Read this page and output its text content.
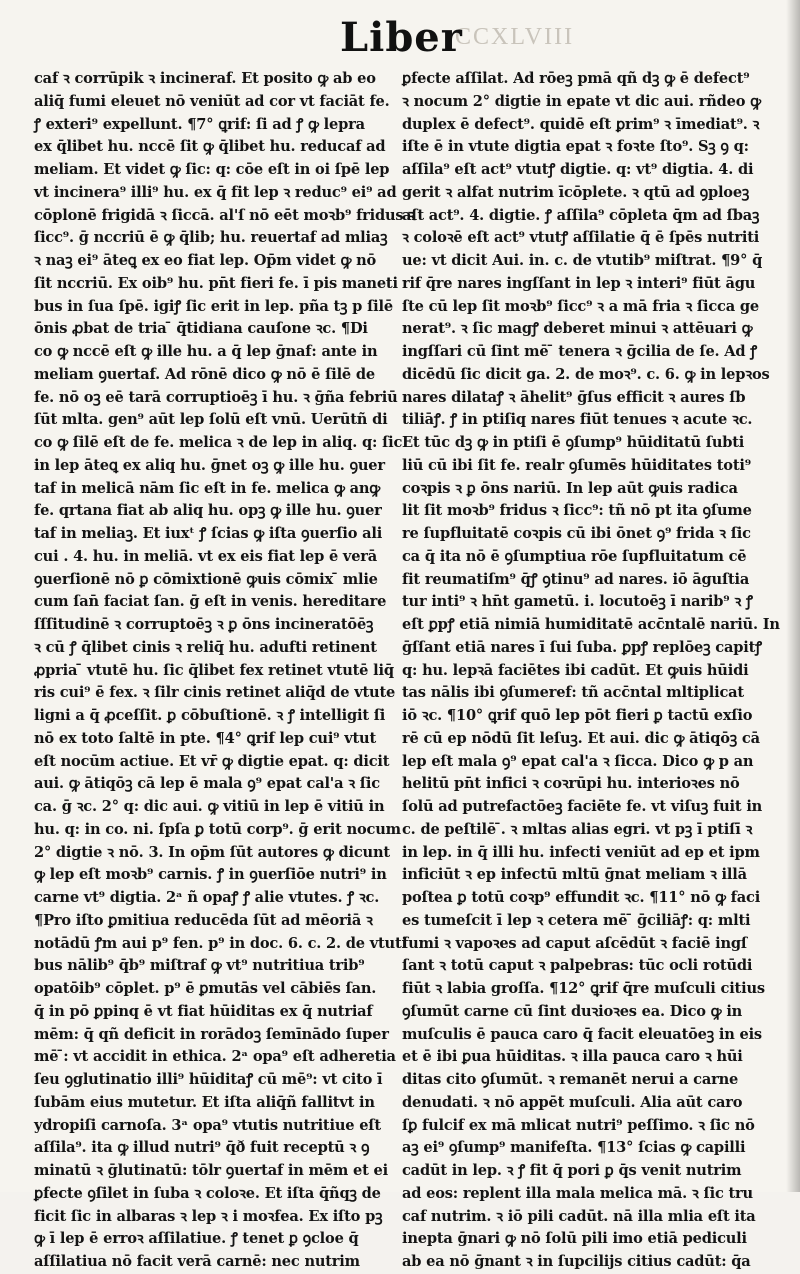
CCXLVIII
Liber
caf ꝛ corrūpik ꝛ incineraf. Et posito ꝙ ab eo
aliq̄ fumi eleuet nō veniūt ad cor vt faciāt fe.
ꝭ exteri⁹ expellunt. ¶7° ꝗrif: ſi ad ꝭ ꝙ lepra
ex q̄libet hu. nccē ſit ꝙ q̄libet hu. reducaf ad
meliam. Et videt ꝙ ſic: q: cōe eſt in oi ſpē lep
vt incinera⁹ illi⁹ hu. ex q̄ fit lep ꝛ reduc⁹ ei⁹ ad
cōplonē frigidā ꝛ ſiccā. al'ſ nō eēt moꝛb⁹ fridus ꝛ
ſicc⁹. ḡ nccriū ē ꝙ q̄lib; hu. reuertaf ad mliaꝫ
ꝛ naꝫ ei⁹ āteꝗ ex eo fiat lep. Op̄m videt ꝙ nō
ſit nccriū. Ex oib⁹ hu. pn̄t fieri fe. ī pis maneti
bus in ſua ſpē. igiꝭ ſic erit in lep. pña tꝫ p ſilē
ōnis ꝓbat de tria ̄ q̄tidiana cauſone ꝛc. ¶Di
co ꝙ nccē eſt ꝙ ille hu. a q̄ lep ḡnaf: ante in
meliam ꝯuertaf. Ad rōnē dico ꝙ nō ē ſilē de
fe. nō oꝫ eē tarā corruptioēꝫ ī hu. ꝛ ḡña febriū
ſūt mlta. gen⁹ aūt lep ſolū eſt vnū. Uerūtñ di
co ꝙ ſilē eſt de fe. melica ꝛ de lep in aliq. q: ſic
in lep āteꝗ ex aliq hu. ḡnet oꝫ ꝙ ille hu. ꝯuer
taf in melicā nām ſic eſt in fe. melica ꝙ anꝙ
fe. qrtana fiat ab aliq hu. opꝫ ꝙ ille hu. ꝯuer
taf in meliaꝫ. Et iuxᵗ ꝭ ſcias ꝙ iſta ꝯuerſio ali
cui . 4. hu. in meliā. vt ex eis fiat lep ē verā
ꝯuerſionē nō ꝑ cōmixtionē ꝙuis cōmix ̄ mlie
cum ſan̄ faciat ſan. ḡ eſt in venis. hereditare
ſſſitudinē ꝛ corruptoēꝫ ꝛ ꝑ ōns incineratōēꝫ
ꝛ cū ꝭ q̄libet cinis ꝛ reliq̄ hu. adufti retinent
ꝓpria ̄ vtutē hu. ſic q̄libet fex retinet vtutē liq̄
ris cui⁹ ē fex. ꝛ ſilr cinis retinet aliq̄d de vtute
ligni a q̄ ꝓceſſit. ꝑ cōbuſtionē. ꝛ ꝭ intelligit ſi
nō ex toto ſaltē in pte. ¶4° ꝗrif lep cui⁹ vtut
eſt nocūm actiue. Et vr̄ ꝙ digtie epat. q: dicit
aui. ꝙ ātiqōꝫ cā lep ē mala ꝯ⁹ epat cal'a ꝛ ſic
ca. ḡ ꝛc. 2° q: dic aui. ꝙ vitiū in lep ē vitiū in
hu. q: in co. ni. ſpſa ꝑ totū corp⁹. ḡ erit nocum
2° digtie ꝛ nō. 3. In op̄m ſūt autores ꝙ dicunt
ꝙ lep eſt moꝛb⁹ carnis. ꝭ in ꝯuerſiōe nutri⁹ in
carne vt⁹ digtia. 2ᵃ ñ opaꝭ ꝭ alie vtutes. ꝭ ꝛc.
¶Pro iſto ꝑmitiua reducēda ſūt ad mēoriā ꝛ
notādū ꝭm aui p⁹ fen. p⁹ in doc. 6. c. 2. de vtuti
bus nālib⁹ q̄b⁹ miſtraf ꝙ vt⁹ nutritiua trib⁹
opatōib⁹ cōplet. p⁹ ē ꝑmutās vel cābiēs ſan.
q̄ in pō ꝑpinq ē vt fiat hūiditas ex q̄ nutriaf
mēm: q̄ qñ deficit in rorādoꝫ ſemīnādo ſuper
mē ̄: vt accidit in ethica. 2ᵃ opa⁹ eſt adheretia
ſeu ꝯglutinatio illi⁹ hūiditaꝭ cū mē⁹: vt cito ī
ſubām eius mutetur. Et iſta aliq̄ñ fallitvt in
ydropiſi carnoſa. 3ᵃ opa⁹ vtutis nutritiue eſt
aſſila⁹. ita ꝙ illud nutri⁹ q̄ð fuit receptū ꝛ ꝯ
minatū ꝛ ḡlutinatū: tōlr ꝯuertaf in mēm et ei
ꝑfecte ꝯſilet in ſuba ꝛ coloꝛe. Et iſta q̄ñqꝫ de
ficit ſic in albaras ꝛ lep ꝛ i moꝛfea. Ex iſto pꝫ
ꝙ ī lep ē erroꝛ aſſilatiue. ꝭ tenet ꝑ ꝯcloe q̄
aſſilatiua nō facit verā carnē: nec nutrim
ꝑfecte aſſilat. Ad rōeꝫ pmā qñ dꝫ ꝙ ē defect⁹
ꝛ nocum 2° digtie in epate vt dic aui. rñdeo ꝙ
duplex ē defect⁹. quidē eſt ꝑrim⁹ ꝛ īmediat⁹. ꝛ
iſte ē in vtute digtia epat ꝛ foꝛte ſto⁹. Sꝫ ꝯ q:
aſſila⁹ eſt act⁹ vtutꝭ digtie. q: vt⁹ digtia. 4. di
gerit ꝛ alfat nutrim īcōplete. ꝛ qtū ad ꝯploeꝫ
aſt act⁹. 4. digtie. ꝭ aſſila⁹ cōpleta q̄m ad ſbaꝫ
ꝛ coloꝛē eſt act⁹ vtutꝭ aſſilatie q̄ ē ſpēs nutriti
ue: vt dicit Aui. in. c. de vtutib⁹ miſtrat. ¶9° q̄
rif q̄re nares ingſſant in lep ꝛ interi⁹ fiūt āgu
ſte cū lep ſit moꝛb⁹ ſicc⁹ ꝛ a mā fria ꝛ ſicca ge
nerat⁹. ꝛ ſic magꝭ deberet minui ꝛ attēuari ꝙ
ingſſari cū ſint mē ̄ tenera ꝛ ḡcilia de ſe. Ad ꝭ
dicēdū ſic dicit ga. 2. de moꝛ⁹. c. 6. ꝙ in lepꝛos
nares dilataꝭ ꝛ āhelit⁹ ḡſus efficit ꝛ aures ſb
tiliāꝭ. ꝭ in ptiſiq nares fiūt tenues ꝛ acute ꝛc.
Et tūc dꝫ ꝙ in ptiſi ē ꝯſump⁹ hūiditatū ſubti
liū cū ibi ſit fe. realr ꝯſumēs hūiditates toti⁹
coꝛpis ꝛ ꝑ ōns nariū. In lep aūt ꝙuis radica
lit ſit moꝛb⁹ fridus ꝛ ſicc⁹: tñ nō pt ita ꝯſume
re ſupfluitatē coꝛpis cū ibi ōnet ꝯ⁹ frida ꝛ ſic
ca q̄ ita nō ē ꝯſumptiua rōe ſupfluitatum cē
fit reumatiſm⁹ q̄ꝭ ꝯtinu⁹ ad nares. iō āguſtia
tur inti⁹ ꝛ hn̄t gametū. i. locutoēꝫ ī narib⁹ ꝛ ꝭ
eſt ꝑpꝭ etiā nimiā humiditatē acc̄ntalē nariū. In
ḡſſant etiā nares ī ſui ſuba. ꝑpꝭ replōeꝫ capitꝭ
q: hu. lepꝛā faciētes ibi cadūt. Et ꝙuis hūidi
tas nālis ibi ꝯſumeref: tñ acc̄ntal mltiplicat
iō ꝛc. ¶10° ꝗrif quō lep pōt fieri ꝑ tactū exſio
rē cū ep nōdū ſit leſuꝫ. Et aui. dic ꝙ ātiqōꝫ cā
lep eſt mala ꝯ⁹ epat cal'a ꝛ ſicca. Dico ꝙ p an
helitū pn̄t infici ꝛ coꝛrūpi hu. interioꝛes nō
ſolū ad putrefactōeꝫ faciēte fe. vt viſuꝫ fuit in
c. de peſtilē ̄. ꝛ mltas alias egri. vt pꝫ ī ptiſī ꝛ
in lep. in q̄ illi hu. infecti veniūt ad ep et ipm
inficiūt ꝛ ep infectū mltū ḡnat meliam ꝛ illā
poſtea ꝑ totū coꝛp⁹ effundit ꝛc. ¶11° nō ꝙ faci
es tumeſcit ī lep ꝛ cetera mē ̄ ḡciliāꝭ: q: mlti
fumi ꝛ vapoꝛes ad caput aſcēdūt ꝛ faciē ingſ
ſant ꝛ totū caput ꝛ palpebras: tūc ocli rotūdi
fiūt ꝛ labia groſſa. ¶12° ꝗrif q̄re muſculi citius
ꝯſumūt carne cū ſint duꝛioꝛes ea. Dico ꝙ in
muſculis ē pauca caro q̄ facit eleuatōeꝫ in eis
et ē ibi ꝑua hūiditas. ꝛ illa pauca caro ꝛ hūi
ditas cito ꝯſumūt. ꝛ remanēt nerui a carne
denudati. ꝛ nō appēt muſculi. Alia aūt caro
ſꝑ fulcif ex mā mlicat nutri⁹ peſſimo. ꝛ ſic nō
aꝫ ei⁹ ꝯſump⁹ manifeſta. ¶13° ſcias ꝙ capilli
cadūt in lep. ꝛ ꝭ fit q̄ pori ꝑ q̄s venit nutrim
ad eos: replent illa mala melica mā. ꝛ ſic tru
caf nutrim. ꝛ iō pili cadūt. nā illa mlia eſt ita
inepta ḡnari ꝙ nō ſolū pili imo etiā pediculi
ab ea nō ḡnant ꝛ in ſupcilijs citius cadūt: q̄a
